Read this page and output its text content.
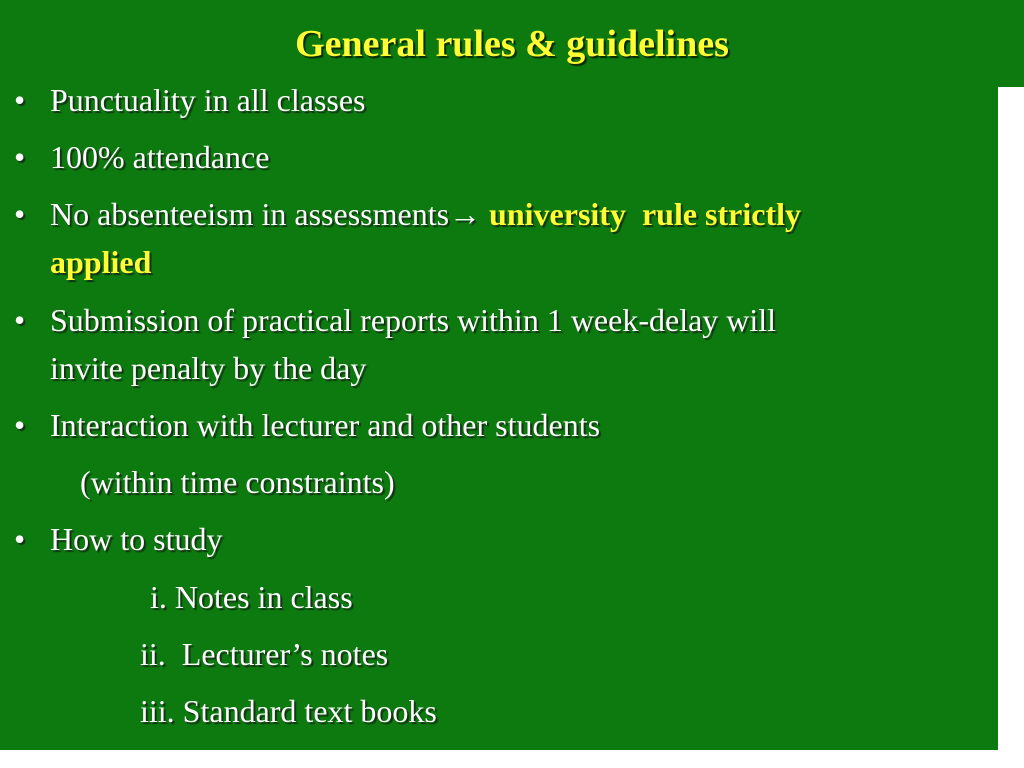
General rules & guidelines
• Punctuality in all classes
• 100% attendance
• No absenteeism in assessments→ university  rule strictly
applied
• Submission of practical reports within 1 week-delay will
invite penalty by the day
• Interaction with lecturer and other students
(within time constraints)
• How to study
i. Notes in class
ii.  Lecturer’s notes
iii. Standard text books
